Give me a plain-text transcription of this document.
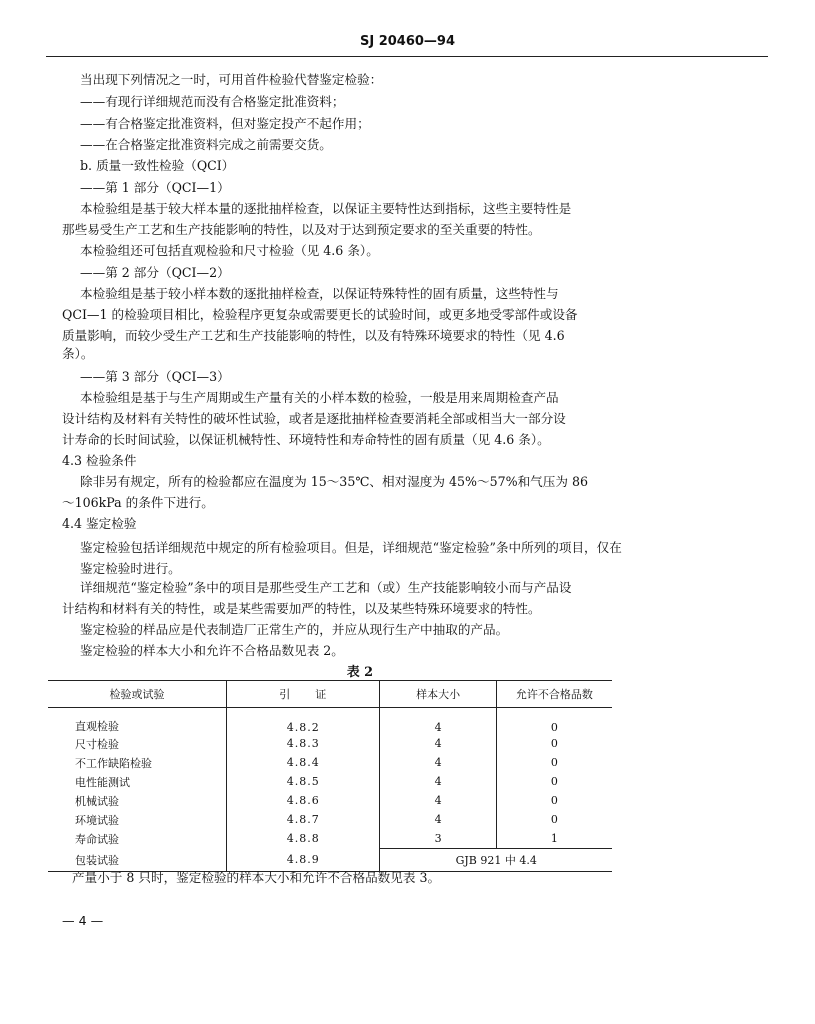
SJ 20460—94
当出现下列情况之一时，可用首件检验代替鉴定检验：
——有现行详细规范而没有合格鉴定批准资料；
——有合格鉴定批准资料，但对鉴定投产不起作用；
——在合格鉴定批准资料完成之前需要交货。
b. 质量一致性检验（QCI）
——第 1 部分（QCI—1）
本检验组是基于较大样本量的逐批抽样检查，以保证主要特性达到指标，这些主要特性是
那些易受生产工艺和生产技能影响的特性，以及对于达到预定要求的至关重要的特性。
本检验组还可包括直观检验和尺寸检验（见 4.6 条）。
——第 2 部分（QCI—2）
本检验组是基于较小样本数的逐批抽样检查，以保证特殊特性的固有质量，这些特性与
QCI—1 的检验项目相比，检验程序更复杂或需要更长的试验时间，或更多地受零部件或设备
质量影响，而较少受生产工艺和生产技能影响的特性，以及有特殊环境要求的特性（见 4.6
条）。
——第 3 部分（QCI—3）
本检验组是基于与生产周期或生产量有关的小样本数的检验，一般是用来周期检查产品
设计结构及材料有关特性的破坏性试验，或者是逐批抽样检查要消耗全部或相当大一部分设
计寿命的长时间试验，以保证机械特性、环境特性和寿命特性的固有质量（见 4.6 条）。
4.3 检验条件
除非另有规定，所有的检验都应在温度为 15～35℃、相对湿度为 45%～57%和气压为 86
～106kPa 的条件下进行。
4.4 鉴定检验
鉴定检验包括详细规范中规定的所有检验项目。但是，详细规范“鉴定检验”条中所列的项目，仅在鉴定检验时进行。
详细规范“鉴定检验”条中的项目是那些受生产工艺和（或）生产技能影响较小而与产品设
计结构和材料有关的特性，或是某些需要加严的特性，以及某些特殊环境要求的特性。
鉴定检验的样品应是代表制造厂正常生产的，并应从现行生产中抽取的产品。
鉴定检验的样本大小和允许不合格品数见表 2。
表 2
检验或试验	引　　证	样本大小	允许不合格品数
直观检验	4.8.2	4	0
尺寸检验	4.8.3	4	0
不工作缺陷检验	4.8.4	4	0
电性能测试	4.8.5	4	0
机械试验	4.8.6	4	0
环境试验	4.8.7	4	0
寿命试验	4.8.8	3	1
包装试验	4.8.9	GJB 921 中 4.4	
产量小于 8 只时，鉴定检验的样本大小和允许不合格品数见表 3。
— 4 —
